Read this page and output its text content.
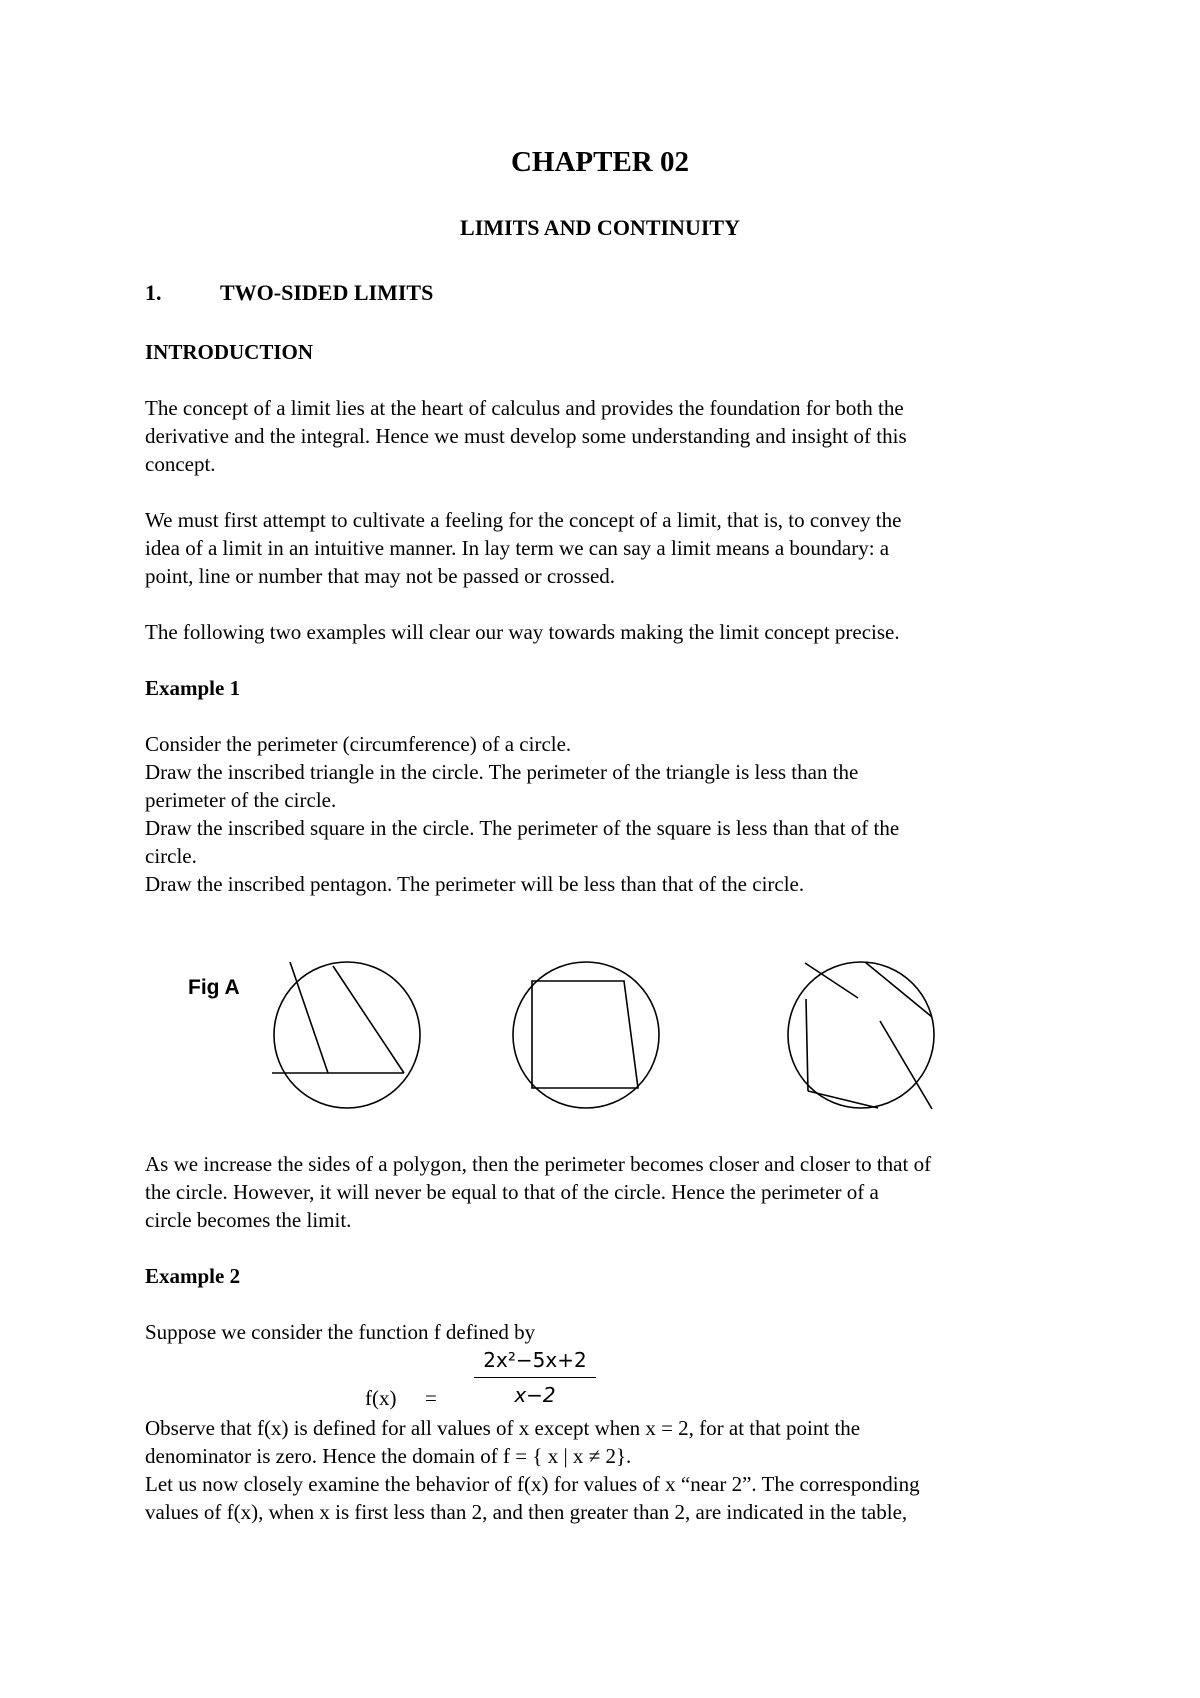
CHAPTER 02
LIMITS AND CONTINUITY
1.	TWO-SIDED LIMITS
INTRODUCTION
The concept of a limit lies at the heart of calculus and provides the foundation for both the
derivative and the integral. Hence we must develop some understanding and insight of this
concept.
We must first attempt to cultivate a feeling for the concept of a limit, that is, to convey the
idea of a limit in an intuitive manner. In lay term we can say a limit means a boundary: a
point, line or number that may not be passed or crossed.
The following two examples will clear our way towards making the limit concept precise.
Example 1
Consider the perimeter (circumference) of a circle.
Draw the inscribed triangle in the circle. The perimeter of the triangle is less than the
perimeter of the circle.
Draw the inscribed square in the circle. The perimeter of the square is less than that of the
circle.
Draw the inscribed pentagon. The perimeter will be less than that of the circle.
Fig A
As we increase the sides of a polygon, then the perimeter becomes closer and closer to that of
the circle. However, it will never be equal to that of the circle. Hence the perimeter of a
circle becomes the limit.
Example 2
Suppose we consider the function f defined by
2x²−5x+2
x−2
f(x) =
Observe that f(x) is defined for all values of x except when x = 2, for at that point the
denominator is zero. Hence the domain of f = { x | x ≠ 2}.
Let us now closely examine the behavior of f(x) for values of x “near 2”. The corresponding
values of f(x), when x is first less than 2, and then greater than 2, are indicated in the table,
